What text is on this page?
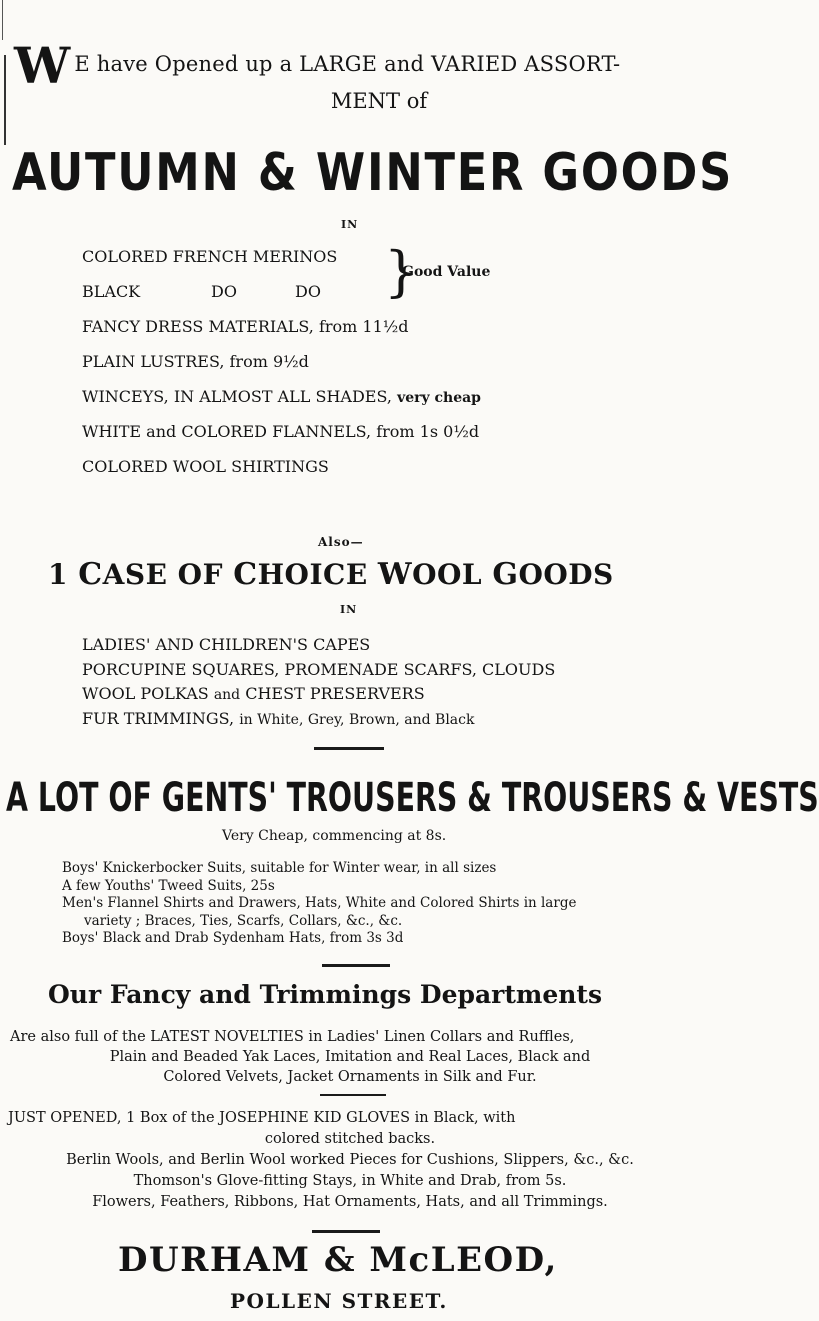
W E have Opened up a LARGE and VARIED ASSORT-
MENT of
AUTUMN & WINTER GOODS
IN
COLORED FRENCH MERINOS
BLACK	DO	DO
FANCY DRESS MATERIALS, from 11½d
PLAIN LUSTRES, from 9½d
WINCEYS, IN ALMOST ALL SHADES, very cheap
WHITE and COLORED FLANNELS, from 1s 0½d
COLORED WOOL SHIRTINGS
}
Good Value
Also—
1 CASE OF CHOICE WOOL GOODS
IN
LADIES' AND CHILDREN'S CAPES
PORCUPINE SQUARES, PROMENADE SCARFS, CLOUDS
WOOL POLKAS and CHEST PRESERVERS
FUR TRIMMINGS, in White, Grey, Brown, and Black
A LOT OF GENTS' TROUSERS & TROUSERS & VESTS
Very Cheap, commencing at 8s.
Boys' Knickerbocker Suits, suitable for Winter wear, in all sizes
A few Youths' Tweed Suits, 25s
Men's Flannel Shirts and Drawers, Hats, White and Colored Shirts in large
variety ; Braces, Ties, Scarfs, Collars, &c., &c.
Boys' Black and Drab Sydenham Hats, from 3s 3d
Our Fancy and Trimmings Departments
Are also full of the LATEST NOVELTIES in Ladies' Linen Collars and Ruffles,
Plain and Beaded Yak Laces, Imitation and Real Laces, Black and
Colored Velvets, Jacket Ornaments in Silk and Fur.
JUST OPENED, 1 Box of the JOSEPHINE KID GLOVES in Black, with
colored stitched backs.
Berlin Wools, and Berlin Wool worked Pieces for Cushions, Slippers, &c., &c.
Thomson's Glove-fitting Stays, in White and Drab, from 5s.
Flowers, Feathers, Ribbons, Hat Ornaments, Hats, and all Trimmings.
DURHAM & McLEOD,
POLLEN STREET.
